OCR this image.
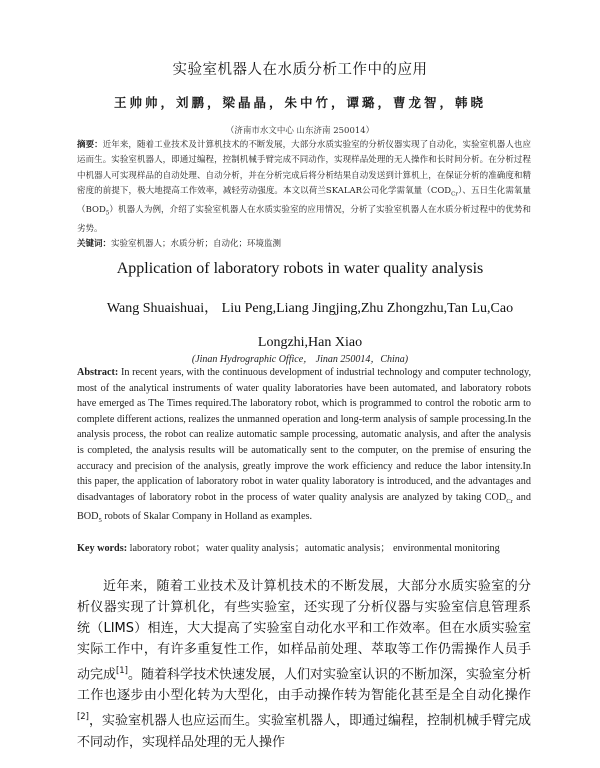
实验室机器人在水质分析工作中的应用
王帅帅，刘鹏，梁晶晶，朱中竹，谭璐，曹龙智，韩晓
（济南市水文中心 山东济南 250014）
摘要：近年来，随着工业技术及计算机技术的不断发展，大部分水质实验室的分析仪器实现了自动化，实验室机器人也应运而生。实验室机器人，即通过编程，控制机械手臂完成不同动作，实现样品处理的无人操作和长时间分析。在分析过程中机器人可实现样品的自动处理、自动分析，并在分析完成后将分析结果自动发送到计算机上，在保证分析的准确度和精密度的前提下，极大地提高工作效率，减轻劳动强度。本文以荷兰SKALAR公司化学需氧量$(COD_{Cr})$、五日生化需氧量$(BOD_5)$机器人为例，介绍了实验室机器人在水质实验室的应用情况，分析了实验室机器人在水质分析过程中的优势和劣势。
关键词：实验室机器人；水质分析；自动化；环境监测
Application of laboratory robots in water quality analysis
Wang Shuaishuai， Liu Peng,Liang Jingjing,Zhu Zhongzhu,Tan Lu,Cao Longzhi,Han Xiao
(Jinan Hydrographic Office， Jinan 250014，China)
Abstract: In recent years, with the continuous development of industrial technology and computer technology, most of the analytical instruments of water quality laboratories have been automated, and laboratory robots have emerged as The Times required.The laboratory robot, which is programmed to control the robotic arm to complete different actions, realizes the unmanned operation and long-term analysis of sample processing.In the analysis process, the robot can realize automatic sample processing, automatic analysis, and after the analysis is completed, the analysis results will be automatically sent to the computer, on the premise of ensuring the accuracy and precision of the analysis, greatly improve the work efficiency and reduce the labor intensity.In this paper, the application of laboratory robot in water quality laboratory is introduced, and the advantages and disadvantages of laboratory robot in the process of water quality analysis are analyzed by taking $COD_{Cr}$ and $BOD_5$ robots of Skalar Company in Holland as examples.
Key words: laboratory robot；water quality analysis；automatic analysis； environmental monitoring

近年来，随着工业技术及计算机技术的不断发展，大部分水质实验室的分析仪器实现了计算机化，有些实验室，还实现了分析仪器与实验室信息管理系统（LIMS）相连，大大提高了实验室自动化水平和工作效率。但在水质实验室实际工作中，有许多重复性工作，如样品前处理、萃取等工作仍需操作人员手动完成[1]。随着科学技术快速发展，人们对实验室认识的不断加深，实验室分析工作也逐步由小型化转为大型化，由手动操作转为智能化甚至是全自动化操作[2]，实验室机器人也应运而生。实验室机器人，即通过编程，控制机械手臂完成不同动作，实现样品处理的无人操作
